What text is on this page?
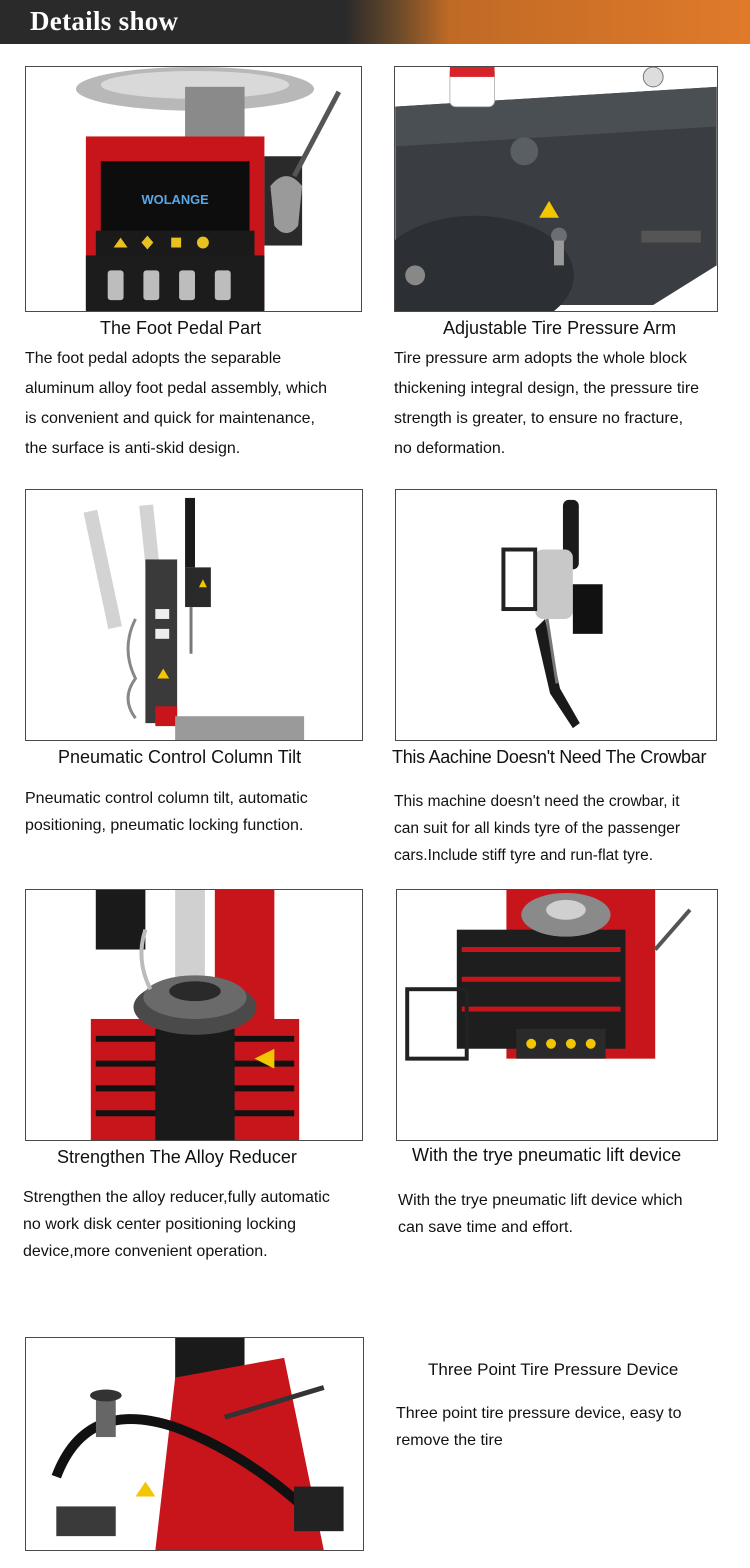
Details show
WOLANGE
The Foot Pedal Part
The foot pedal adopts the separable
aluminum alloy foot pedal assembly, which
is convenient and quick for maintenance,
the surface is anti-skid design.
Adjustable Tire Pressure Arm
Tire pressure arm adopts the whole block
thickening integral design, the pressure tire
strength is greater, to ensure no fracture,
no deformation.
Pneumatic Control Column Tilt
Pneumatic control column tilt, automatic
positioning, pneumatic locking function.
This Aachine Doesn't Need The Crowbar
This machine doesn't need the crowbar, it
can suit for all kinds tyre of the passenger
cars.Include stiff tyre and run-flat tyre.
Strengthen The Alloy Reducer
Strengthen the alloy reducer,fully automatic
no work disk center positioning locking
device,more convenient operation.
With the trye pneumatic lift device
With the trye pneumatic lift device which
can save time and effort.
Three Point Tire Pressure Device
Three point tire pressure device, easy to
remove the tire
